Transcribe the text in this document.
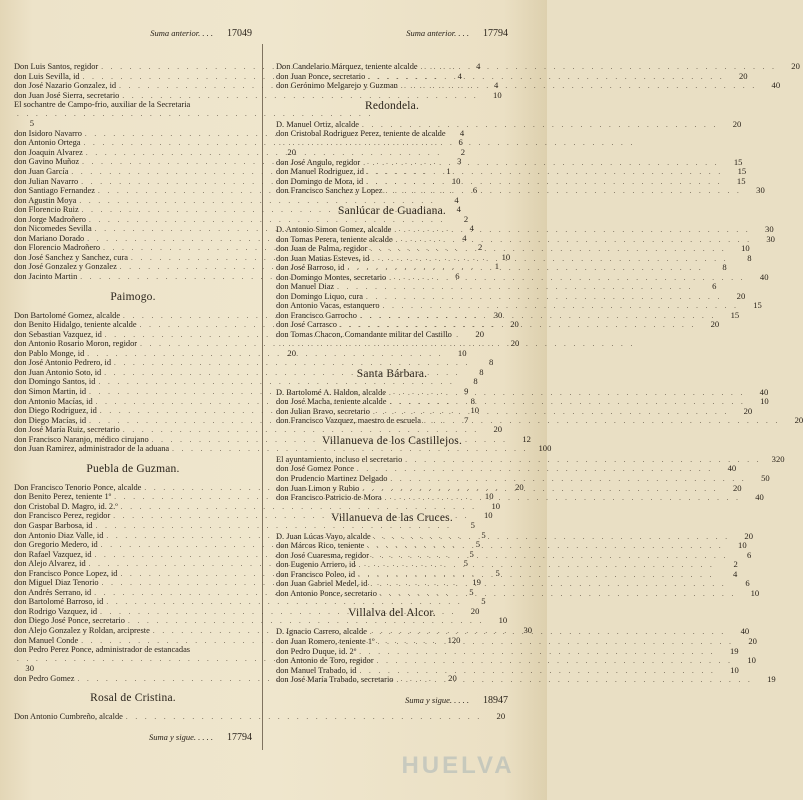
Suma anterior. . . . 17049
Don Luis Santos, regidor . . .	4
don Luis Sevilla, id . . .	4
don José Nazario Gonzalez, id . . .	4
don Juan José Sierra, secretario . . .	10
El sochantre de Campo-frio, auxiliar de la Secretaria
. . .
5
don Isidoro Navarro . . .	4
don Antonio Ortega . . .	6
don Joaquin Alvarez . . .	2
don Gavino Muñoz . . .	3
don Juan García . . .	1
don Julian Navarro . . .	10
don Santiago Fernandez . . .	6
don Agustin Moya . . .	4
don Florencio Ruiz . . .	4
don Jorge Madroñero . . .	2
don Nicomedes Sevilla . . .	4
don Mariano Dorado . . .	4
don Florencio Madroñero . . .	2
don José Sanchez y Sanchez, cura . . .	10
don José Gonzalez y Gonzalez . . .	1
don Jacinto Martin . . .	6
Paimogo.
Don Bartolomé Gomez, alcalde . . .	30
don Benito Hidalgo, teniente alcalde . . .	20
don Sebastian Vazquez, id . . .	20
don Antonio Rosario Moron, regidor . . .	20
don Pablo Monge, id . . .	10
don José Antonio Pedrero, id . . .	8
don Juan Antonio Soto, id . . .	8
don Domingo Santos, id . . .	8
don Simon Martin, id . . .	9
don Antonio Macías, id . . .	8
don Diego Rodriguez, id . . .	10
don Diego Macías, id . . .	7
don José María Ruiz, secretario . . .	20
don Francisco Naranjo, médico cirujano . . .	12
don Juan Ramirez, administrador de la aduana . . .	100
Puebla de Guzman.
Don Francisco Tenorio Ponce, alcalde . . .	20
don Benito Perez, teniente 1º . . .	10
don Cristobal D. Magro, id. 2.º . . .	10
don Francisco Perez, regidor . . .	10
don Gaspar Barbosa, id . . .	5
don Antonio Diaz Valle, id . . .	5
don Gregorio Medero, id . . .	5
don Rafael Vazquez, id . . .	5
don Alejo Alvarez, id . . .	5
don Francisco Ponce Lopez, id . . .	5
don Miguel Diaz Tenorio . . .	19
don Andrés Serrano, id . . .	5
don Bartolomé Barroso, id . . .	5
don Rodrigo Vazquez, id . . .	20
don Diego José Ponce, secretario . . .	10
don Alejo Gonzalez y Roldan, arcipreste . . .	30
don Manuel Conde . . .	120
don Pedro Perez Ponce, administrador de estancadas
. . .
30
don Pedro Gomez . . .	20
Rosal de Cristina.
Don Antonio Cumbreño, alcalde . . .	20
Suma y sigue. . . . . 17794
Suma anterior. . . . 17794
Don Candelario Márquez, teniente alcalde . . .	20
don Juan Ponce, secretario . . .	20
don Gerónimo Melgarejo y Guzman . . .	40
Redondela.
D. Manuel Ortiz, alcalde . . .	20
don Cristobal Rodriguez Perez, teniente de alcalde
. . .
20
don José Angulo, regidor . . .	15
don Manuel Rodriguez, id . . .	15
don Domingo de Mora, id . . .	15
don Francisco Sanchez y Lopez . . .	30
Sanlúcar de Guadiana.
D. Antonio Simon Gomez, alcalde . . .	30
don Tomas Perera, teniente alcalde . . .	30
don Juan de Palma, regidor . . .	10
don Juan Matias Esteves, id . . .	8
don José Barroso, id . . .	8
don Domingo Montes, secretario . . .	40
don Manuel Diaz . . .	6
don Domingo Liquo, cura . . .	20
don Antonio Vacas, estanquero . . .	15
don Francisco Garrocho . . .	15
don José Carrasco . . .	20
don Tomas Chacon, Comandante militar del Castillo
. . .
20
Santa Bárbara.
D. Bartolomé A. Haldon, alcalde . . .	40
don José Macha, teniente alcalde . . .	10
don Julian Bravo, secretario . . .	20
don Francisco Vazquez, maestro de escuela . . .	20
Villanueva de los Castillejos.
El ayuntamiento, incluso el secretario . . .	320
don José Gomez Ponce . . .	40
don Prudencio Martinez Delgado . . .	50
don Juan Limon y Rubio . . .	20
don Francisco Patricio de Mora . . .	40
Villanueva de las Cruces.
D. Juan Lúcas Vayo, alcalde . . .	20
don Márcos Rico, teniente . . .	10
don José Cuaresma, regidor . . .	6
don Eugenio Arriero, id . . .	2
don Francisco Poleo, id . . .	4
don Juan Gabriel Medel, id . . .	6
don Antonio Ponce, secretario . . .	10
Villalva del Alcor.
D. Ignacio Carrero, alcalde . . .	40
don Juan Romero, teniente 1º . . .	20
don Pedro Duque, id. 2º . . .	19
don Antonio de Toro, regidor . . .	10
don Manuel Trabado, id . . .	10
don José María Trabado, secretario . . .	19
Suma y sigue. . . . . 18947
HUELVA
